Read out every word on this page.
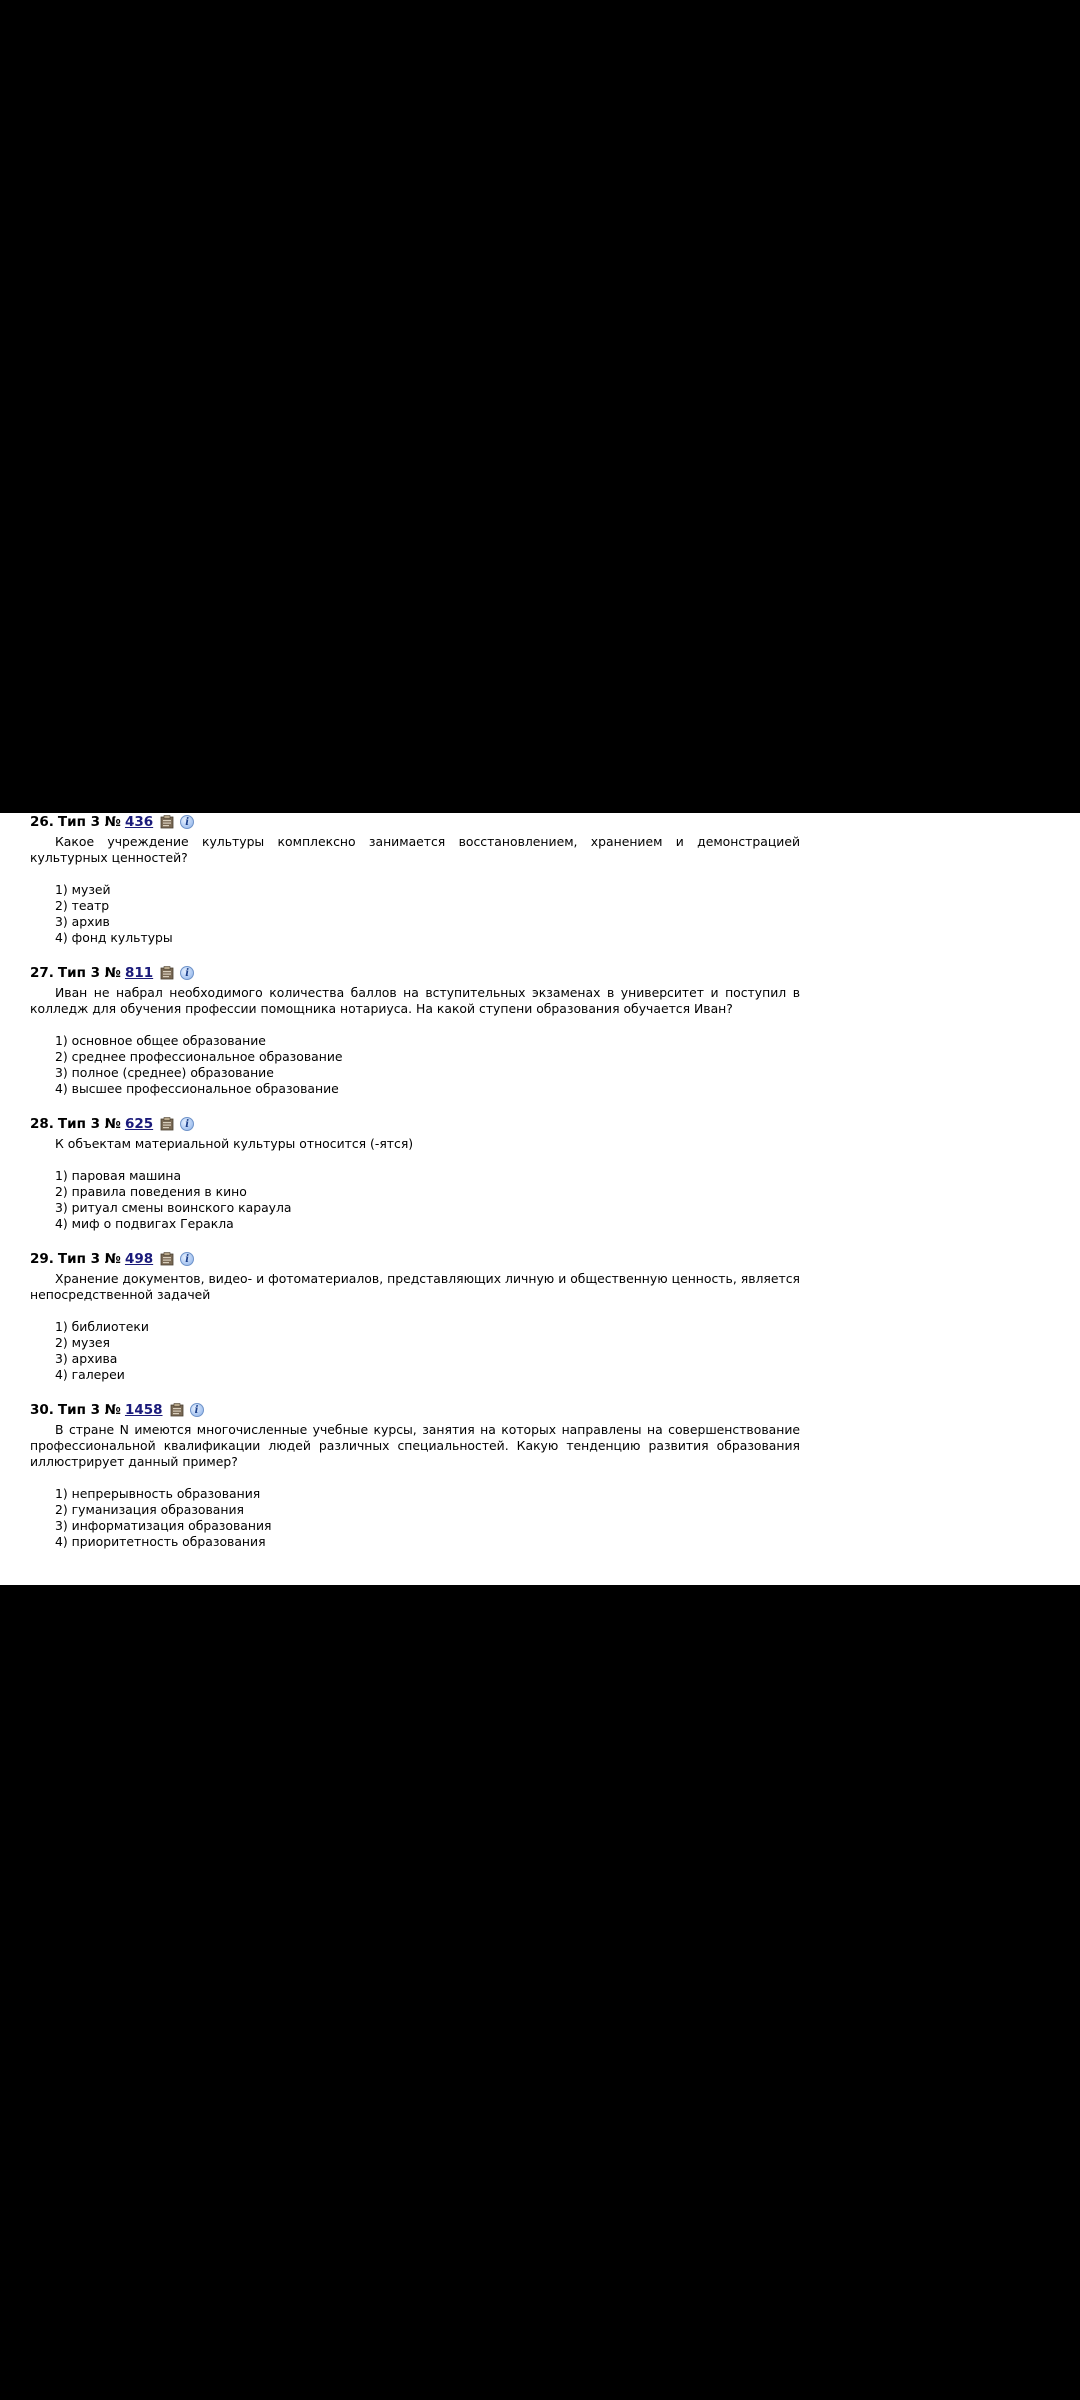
26. Тип 3 № 436	i

Какое учреждение культуры комплексно занимается восстановлением, хранением и демонстрацией культурных ценностей?

1) музей
2) театр
3) архив
4) фонд культуры
27. Тип 3 № 811	i

Иван не набрал необходимого количества баллов на вступительных экзаменах в университет и поступил в колледж для обучения профессии помощника нотариуса. На какой ступени образования обучается Иван?

1) основное общее образование
2) среднее профессиональное образование
3) полное (среднее) образование
4) высшее профессиональное образование
28. Тип 3 № 625	i

К объектам материальной культуры относится (-ятся)

1) паровая машина
2) правила поведения в кино
3) ритуал смены воинского караула
4) миф о подвигах Геракла
29. Тип 3 № 498	i

Хранение документов, видео- и фотоматериалов, представляющих личную и общественную ценность, является непосредственной задачей

1) библиотеки
2) музея
3) архива
4) галереи
30. Тип 3 № 1458	i

В стране N имеются многочисленные учебные курсы, занятия на которых направлены на совершенствование профессиональной квалификации людей различных специальностей. Какую тенденцию развития образования иллюстрирует данный пример?

1) непрерывность образования
2) гуманизация образования
3) информатизация образования
4) приоритетность образования
